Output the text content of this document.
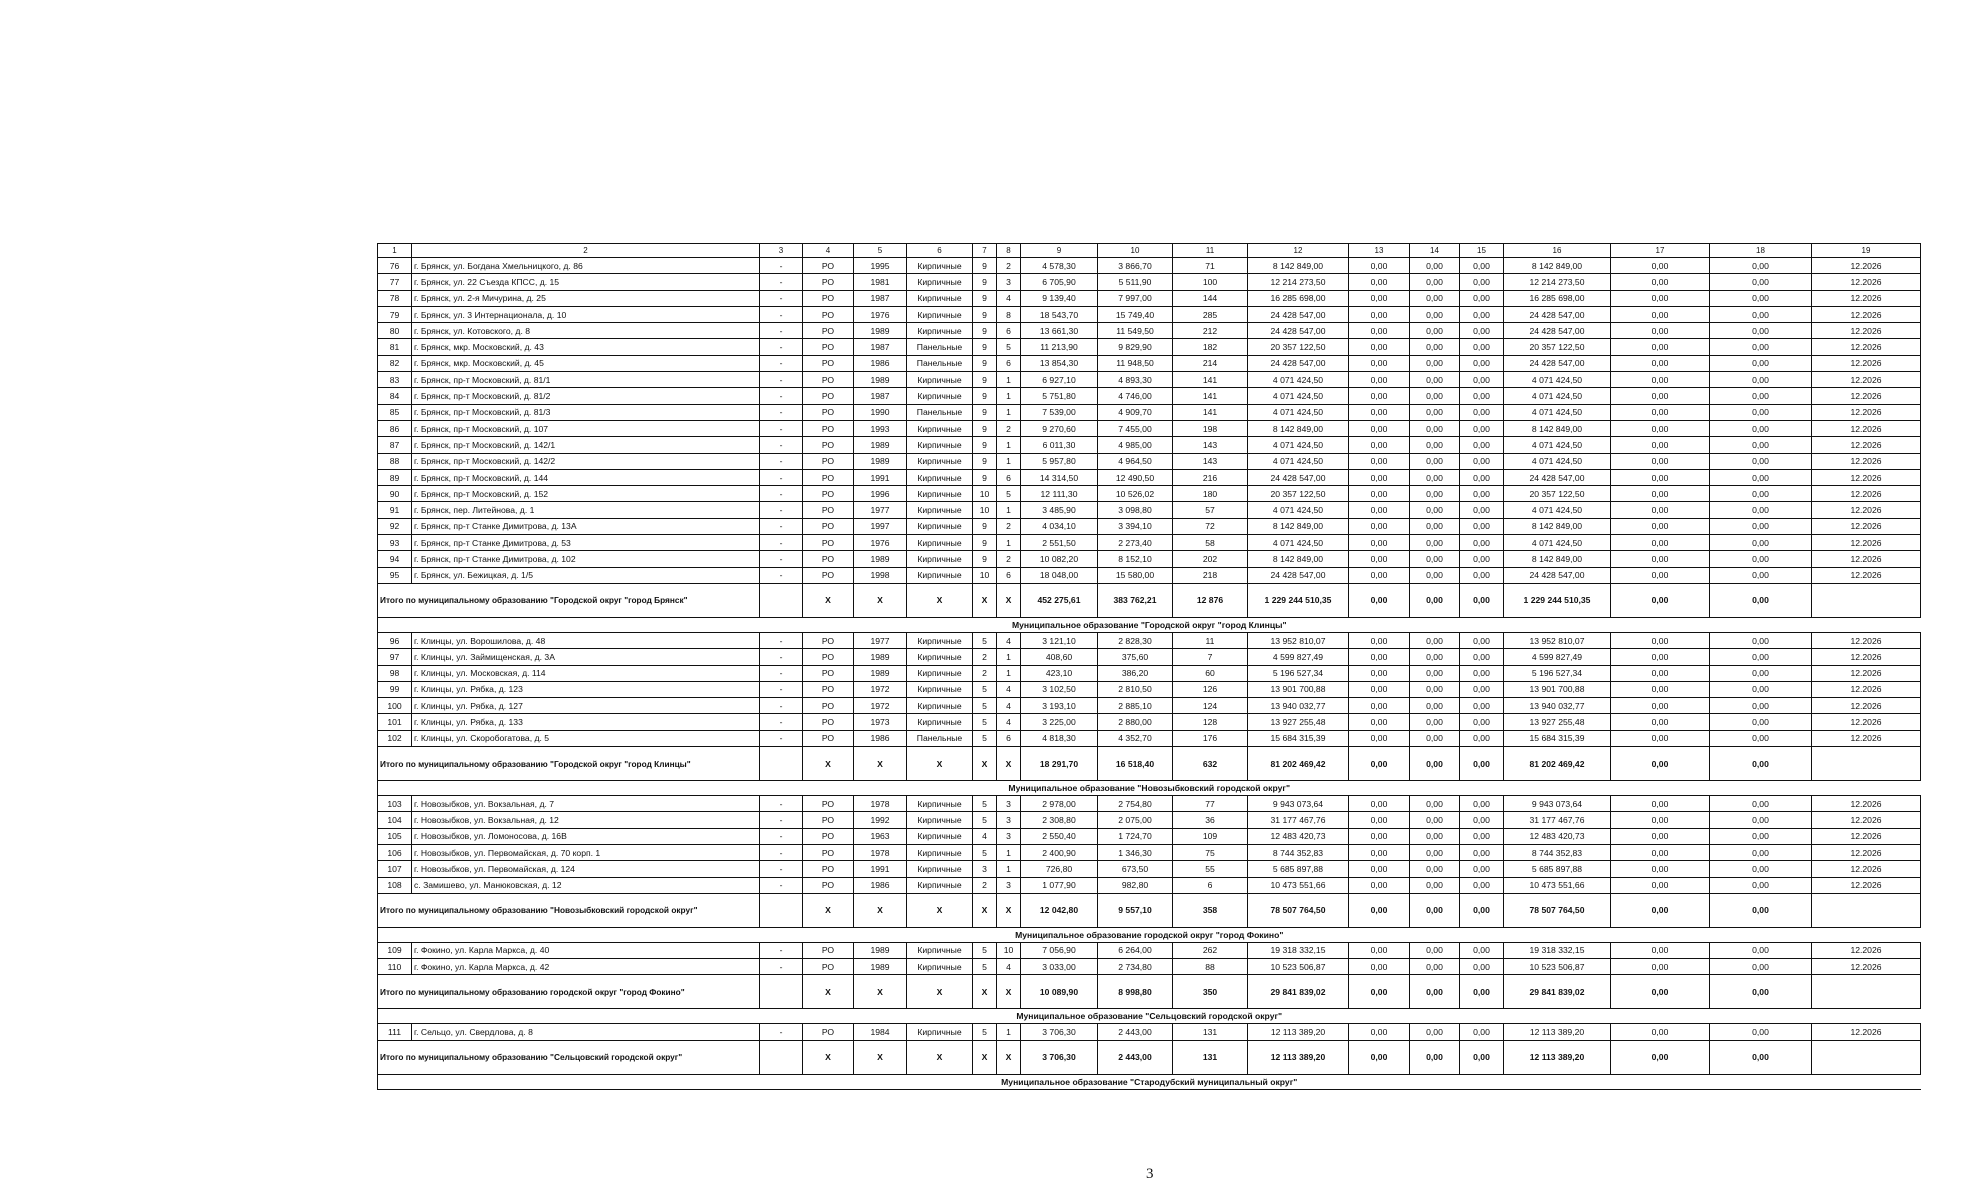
1	2	3	4	5	6	7	8	9	10	11	12	13	14	15	16	17	18	19
76	г. Брянск, ул. Богдана Хмельницкого, д. 86	-	РО	1995	Кирпичные	9	2	4 578,30	3 866,70	71	8 142 849,00	0,00	0,00	0,00	8 142 849,00	0,00	0,00	12.2026
77	г. Брянск, ул. 22 Съезда КПСС, д. 15	-	РО	1981	Кирпичные	9	3	6 705,90	5 511,90	100	12 214 273,50	0,00	0,00	0,00	12 214 273,50	0,00	0,00	12.2026
78	г. Брянск, ул. 2-я Мичурина, д. 25	-	РО	1987	Кирпичные	9	4	9 139,40	7 997,00	144	16 285 698,00	0,00	0,00	0,00	16 285 698,00	0,00	0,00	12.2026
79	г. Брянск, ул. 3 Интернационала, д. 10	-	РО	1976	Кирпичные	9	8	18 543,70	15 749,40	285	24 428 547,00	0,00	0,00	0,00	24 428 547,00	0,00	0,00	12.2026
80	г. Брянск, ул. Котовского, д. 8	-	РО	1989	Кирпичные	9	6	13 661,30	11 549,50	212	24 428 547,00	0,00	0,00	0,00	24 428 547,00	0,00	0,00	12.2026
81	г. Брянск, мкр. Московский, д. 43	-	РО	1987	Панельные	9	5	11 213,90	9 829,90	182	20 357 122,50	0,00	0,00	0,00	20 357 122,50	0,00	0,00	12.2026
82	г. Брянск, мкр. Московский, д. 45	-	РО	1986	Панельные	9	6	13 854,30	11 948,50	214	24 428 547,00	0,00	0,00	0,00	24 428 547,00	0,00	0,00	12.2026
83	г. Брянск, пр-т Московский, д. 81/1	-	РО	1989	Кирпичные	9	1	6 927,10	4 893,30	141	4 071 424,50	0,00	0,00	0,00	4 071 424,50	0,00	0,00	12.2026
84	г. Брянск, пр-т Московский, д. 81/2	-	РО	1987	Кирпичные	9	1	5 751,80	4 746,00	141	4 071 424,50	0,00	0,00	0,00	4 071 424,50	0,00	0,00	12.2026
85	г. Брянск, пр-т Московский, д. 81/3	-	РО	1990	Панельные	9	1	7 539,00	4 909,70	141	4 071 424,50	0,00	0,00	0,00	4 071 424,50	0,00	0,00	12.2026
86	г. Брянск, пр-т Московский, д. 107	-	РО	1993	Кирпичные	9	2	9 270,60	7 455,00	198	8 142 849,00	0,00	0,00	0,00	8 142 849,00	0,00	0,00	12.2026
87	г. Брянск, пр-т Московский, д. 142/1	-	РО	1989	Кирпичные	9	1	6 011,30	4 985,00	143	4 071 424,50	0,00	0,00	0,00	4 071 424,50	0,00	0,00	12.2026
88	г. Брянск, пр-т Московский, д. 142/2	-	РО	1989	Кирпичные	9	1	5 957,80	4 964,50	143	4 071 424,50	0,00	0,00	0,00	4 071 424,50	0,00	0,00	12.2026
89	г. Брянск, пр-т Московский, д. 144	-	РО	1991	Кирпичные	9	6	14 314,50	12 490,50	216	24 428 547,00	0,00	0,00	0,00	24 428 547,00	0,00	0,00	12.2026
90	г. Брянск, пр-т Московский, д. 152	-	РО	1996	Кирпичные	10	5	12 111,30	10 526,02	180	20 357 122,50	0,00	0,00	0,00	20 357 122,50	0,00	0,00	12.2026
91	г. Брянск, пер. Литейнова, д. 1	-	РО	1977	Кирпичные	10	1	3 485,90	3 098,80	57	4 071 424,50	0,00	0,00	0,00	4 071 424,50	0,00	0,00	12.2026
92	г. Брянск, пр-т Станке Димитрова, д. 13А	-	РО	1997	Кирпичные	9	2	4 034,10	3 394,10	72	8 142 849,00	0,00	0,00	0,00	8 142 849,00	0,00	0,00	12.2026
93	г. Брянск, пр-т Станке Димитрова, д. 53	-	РО	1976	Кирпичные	9	1	2 551,50	2 273,40	58	4 071 424,50	0,00	0,00	0,00	4 071 424,50	0,00	0,00	12.2026
94	г. Брянск, пр-т Станке Димитрова, д. 102	-	РО	1989	Кирпичные	9	2	10 082,20	8 152,10	202	8 142 849,00	0,00	0,00	0,00	8 142 849,00	0,00	0,00	12.2026
95	г. Брянск, ул. Бежицкая, д. 1/5	-	РО	1998	Кирпичные	10	6	18 048,00	15 580,00	218	24 428 547,00	0,00	0,00	0,00	24 428 547,00	0,00	0,00	12.2026
Итого по муниципальному образованию "Городской округ "город Брянск"			X	X	X	X	X	452 275,61	383 762,21	12 876	1 229 244 510,35	0,00	0,00	0,00	1 229 244 510,35	0,00	0,00	
Муниципальное образование "Городской округ "город Клинцы"																		
96	г. Клинцы, ул. Ворошилова, д. 48	-	РО	1977	Кирпичные	5	4	3 121,10	2 828,30	11	13 952 810,07	0,00	0,00	0,00	13 952 810,07	0,00	0,00	12.2026
97	г. Клинцы, ул. Займищенская, д. 3А	-	РО	1989	Кирпичные	2	1	408,60	375,60	7	4 599 827,49	0,00	0,00	0,00	4 599 827,49	0,00	0,00	12.2026
98	г. Клинцы, ул. Московская, д. 114	-	РО	1989	Кирпичные	2	1	423,10	386,20	60	5 196 527,34	0,00	0,00	0,00	5 196 527,34	0,00	0,00	12.2026
99	г. Клинцы, ул. Рябка, д. 123	-	РО	1972	Кирпичные	5	4	3 102,50	2 810,50	126	13 901 700,88	0,00	0,00	0,00	13 901 700,88	0,00	0,00	12.2026
100	г. Клинцы, ул. Рябка, д. 127	-	РО	1972	Кирпичные	5	4	3 193,10	2 885,10	124	13 940 032,77	0,00	0,00	0,00	13 940 032,77	0,00	0,00	12.2026
101	г. Клинцы, ул. Рябка, д. 133	-	РО	1973	Кирпичные	5	4	3 225,00	2 880,00	128	13 927 255,48	0,00	0,00	0,00	13 927 255,48	0,00	0,00	12.2026
102	г. Клинцы, ул. Скоробогатова, д. 5	-	РО	1986	Панельные	5	6	4 818,30	4 352,70	176	15 684 315,39	0,00	0,00	0,00	15 684 315,39	0,00	0,00	12.2026
Итого по муниципальному образованию "Городской округ "город Клинцы"			X	X	X	X	X	18 291,70	16 518,40	632	81 202 469,42	0,00	0,00	0,00	81 202 469,42	0,00	0,00	
Муниципальное образование "Новозыбковский городской округ"																		
103	г. Новозыбков, ул. Вокзальная, д. 7	-	РО	1978	Кирпичные	5	3	2 978,00	2 754,80	77	9 943 073,64	0,00	0,00	0,00	9 943 073,64	0,00	0,00	12.2026
104	г. Новозыбков, ул. Вокзальная, д. 12	-	РО	1992	Кирпичные	5	3	2 308,80	2 075,00	36	31 177 467,76	0,00	0,00	0,00	31 177 467,76	0,00	0,00	12.2026
105	г. Новозыбков, ул. Ломоносова, д. 16В	-	РО	1963	Кирпичные	4	3	2 550,40	1 724,70	109	12 483 420,73	0,00	0,00	0,00	12 483 420,73	0,00	0,00	12.2026
106	г. Новозыбков, ул. Первомайская, д. 70 корп. 1	-	РО	1978	Кирпичные	5	1	2 400,90	1 346,30	75	8 744 352,83	0,00	0,00	0,00	8 744 352,83	0,00	0,00	12.2026
107	г. Новозыбков, ул. Первомайская, д. 124	-	РО	1991	Кирпичные	3	1	726,80	673,50	55	5 685 897,88	0,00	0,00	0,00	5 685 897,88	0,00	0,00	12.2026
108	с. Замишево, ул. Манюковская, д. 12	-	РО	1986	Кирпичные	2	3	1 077,90	982,80	6	10 473 551,66	0,00	0,00	0,00	10 473 551,66	0,00	0,00	12.2026
Итого по муниципальному образованию "Новозыбковский городской округ"			X	X	X	X	X	12 042,80	9 557,10	358	78 507 764,50	0,00	0,00	0,00	78 507 764,50	0,00	0,00	
Муниципальное образование городской округ "город Фокино"																		
109	г. Фокино, ул. Карла Маркса, д. 40	-	РО	1989	Кирпичные	5	10	7 056,90	6 264,00	262	19 318 332,15	0,00	0,00	0,00	19 318 332,15	0,00	0,00	12.2026
110	г. Фокино, ул. Карла Маркса, д. 42	-	РО	1989	Кирпичные	5	4	3 033,00	2 734,80	88	10 523 506,87	0,00	0,00	0,00	10 523 506,87	0,00	0,00	12.2026
Итого по муниципальному образованию городской округ "город Фокино"			X	X	X	X	X	10 089,90	8 998,80	350	29 841 839,02	0,00	0,00	0,00	29 841 839,02	0,00	0,00	
Муниципальное образование "Сельцовский городской округ"																		
111	г. Сельцо, ул. Свердлова, д. 8	-	РО	1984	Кирпичные	5	1	3 706,30	2 443,00	131	12 113 389,20	0,00	0,00	0,00	12 113 389,20	0,00	0,00	12.2026
Итого по муниципальному образованию "Сельцовский городской округ"			X	X	X	X	X	3 706,30	2 443,00	131	12 113 389,20	0,00	0,00	0,00	12 113 389,20	0,00	0,00	
Муниципальное образование "Стародубский муниципальный округ"																		
3
